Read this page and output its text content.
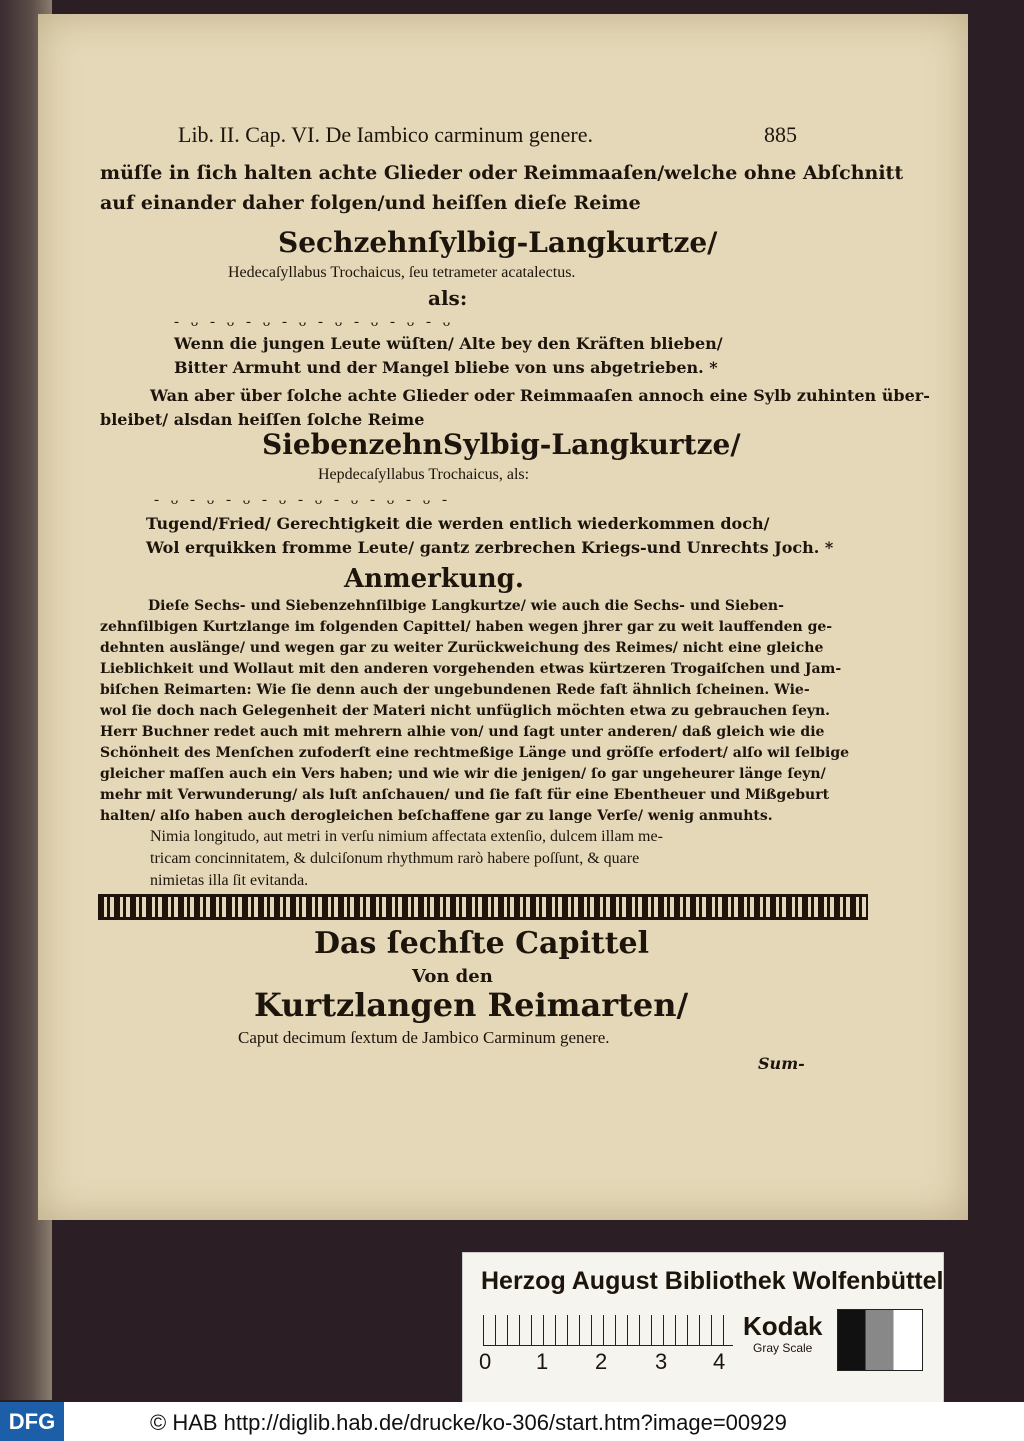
Lib. II. Cap. VI. De Iambico carminum genere.	885
müſſe in ſich halten achte Glieder oder Reimmaaſen/welche ohne Abſchnitt
auf einander daher folgen/und heiſſen dieſe Reime
Sechzehnſylbig-Langkurtze/
Hedecaſyllabus Trochaicus, ſeu tetrameter acatalectus.
als:
- ᴗ - ᴗ - ᴗ - ᴗ - ᴗ - ᴗ - ᴗ - ᴗ
Wenn die jungen Leute wüſten/ Alte bey den Kräften blieben/
Bitter Armuht und der Mangel bliebe von uns abgetrieben. *
Wan aber über ſolche achte Glieder oder Reimmaaſen annoch eine Sylb zuhinten über-
bleibet/ alsdan heiſſen ſolche Reime
SiebenzehnSylbig-Langkurtze/
Hepdecaſyllabus Trochaicus, als:
- ᴗ - ᴗ - ᴗ - ᴗ - ᴗ - ᴗ - ᴗ - ᴗ -
Tugend/Fried/ Gerechtigkeit die werden entlich wiederkommen doch/
Wol erquikken fromme Leute/ gantz zerbrechen Kriegs-und Unrechts Joch. *
Anmerkung.
Dieſe Sechs- und Siebenzehnſilbige Langkurtze/ wie auch die Sechs- und Sieben-
zehnſilbigen Kurtzlange im folgenden Capittel/ haben wegen jhrer gar zu weit lauffenden ge-
dehnten auslänge/ und wegen gar zu weiter Zurückweichung des Reimes/ nicht eine gleiche
Lieblichkeit und Wollaut mit den anderen vorgehenden etwas kürtzeren Trogaiſchen und Jam-
biſchen Reimarten: Wie ſie denn auch der ungebundenen Rede faſt ähnlich ſcheinen. Wie-
wol ſie doch nach Gelegenheit der Materi nicht unfüglich möchten etwa zu gebrauchen ſeyn.
Herr Buchner redet auch mit mehrern alhie von/ und ſagt unter anderen/ daß gleich wie die
Schönheit des Menſchen zufoderſt eine rechtmeßige Länge und gröſſe erfodert/ alſo wil ſelbige
gleicher maſſen auch ein Vers haben; und wie wir die jenigen/ ſo gar ungeheurer länge ſeyn/
mehr mit Verwunderung/ als luſt anſchauen/ und ſie faſt für eine Ebentheuer und Mißgeburt
halten/ alſo haben auch derogleichen beſchaffene gar zu lange Verſe/ wenig anmuhts.
Nimia longitudo, aut metri in verſu nimium affectata extenſio, dulcem illam me-
tricam concinnitatem, & dulciſonum rhythmum rarò habere poſſunt, & quare
nimietas illa ſit evitanda.
Das ſechſte Capittel
Von den
Kurtzlangen Reimarten/
Caput decimum ſextum de Jambico Carminum genere.
Sum-
Herzog August Bibliothek Wolfenbüttel
0 1 2 3 4
Kodak
Gray Scale
DFG	© HAB http://diglib.hab.de/drucke/ko-306/start.htm?image=00929
